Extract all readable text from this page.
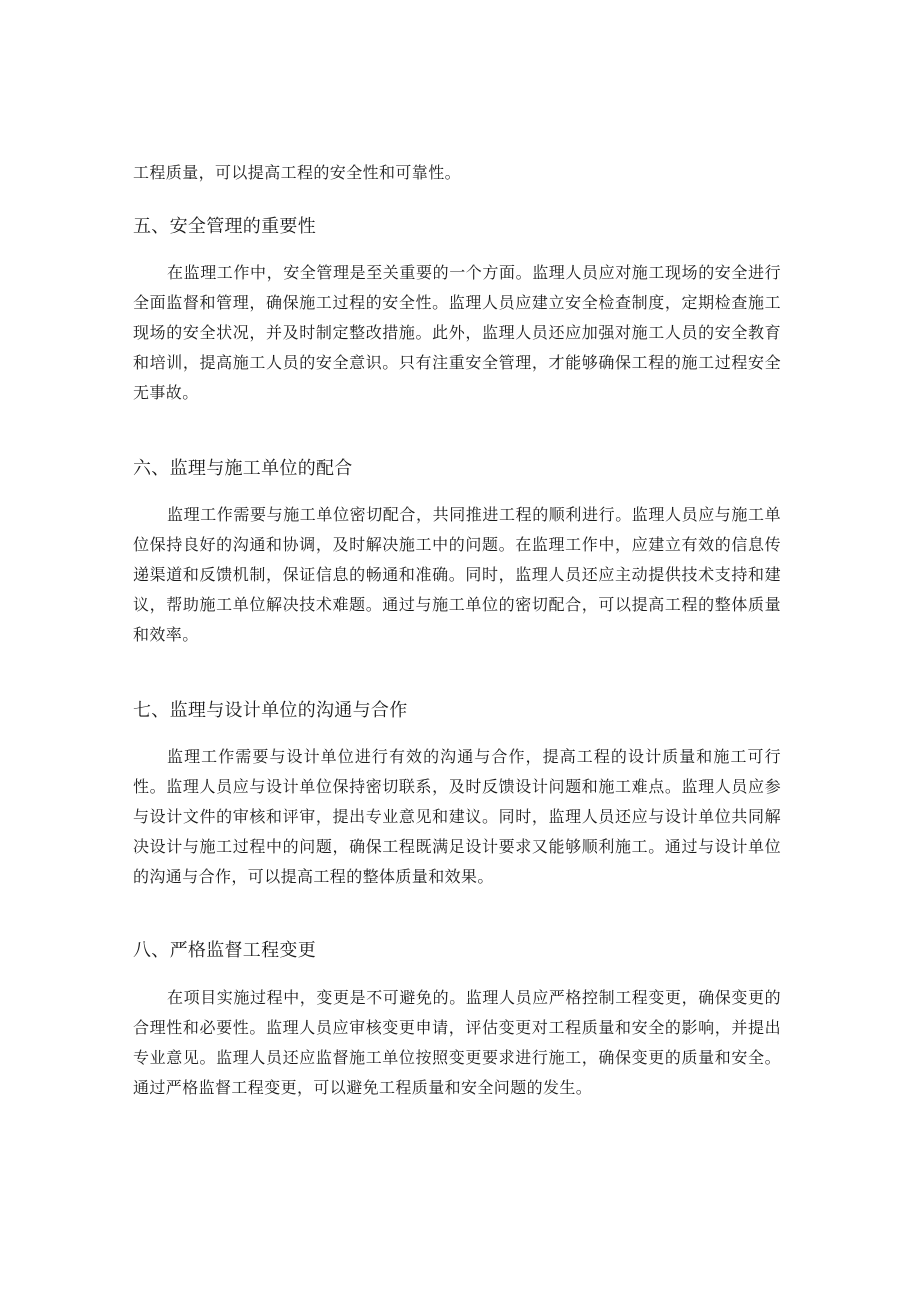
工程质量，可以提高工程的安全性和可靠性。

五、安全管理的重要性

在监理工作中，安全管理是至关重要的一个方面。监理人员应对施工现场的安全进行全面监督和管理，确保施工过程的安全性。监理人员应建立安全检查制度，定期检查施工现场的安全状况，并及时制定整改措施。此外，监理人员还应加强对施工人员的安全教育和培训，提高施工人员的安全意识。只有注重安全管理，才能够确保工程的施工过程安全无事故。

六、监理与施工单位的配合

监理工作需要与施工单位密切配合，共同推进工程的顺利进行。监理人员应与施工单位保持良好的沟通和协调，及时解决施工中的问题。在监理工作中，应建立有效的信息传递渠道和反馈机制，保证信息的畅通和准确。同时，监理人员还应主动提供技术支持和建议，帮助施工单位解决技术难题。通过与施工单位的密切配合，可以提高工程的整体质量和效率。

七、监理与设计单位的沟通与合作

监理工作需要与设计单位进行有效的沟通与合作，提高工程的设计质量和施工可行性。监理人员应与设计单位保持密切联系，及时反馈设计问题和施工难点。监理人员应参与设计文件的审核和评审，提出专业意见和建议。同时，监理人员还应与设计单位共同解决设计与施工过程中的问题，确保工程既满足设计要求又能够顺利施工。通过与设计单位的沟通与合作，可以提高工程的整体质量和效果。

八、严格监督工程变更

在项目实施过程中，变更是不可避免的。监理人员应严格控制工程变更，确保变更的合理性和必要性。监理人员应审核变更申请，评估变更对工程质量和安全的影响，并提出专业意见。监理人员还应监督施工单位按照变更要求进行施工，确保变更的质量和安全。通过严格监督工程变更，可以避免工程质量和安全问题的发生。
